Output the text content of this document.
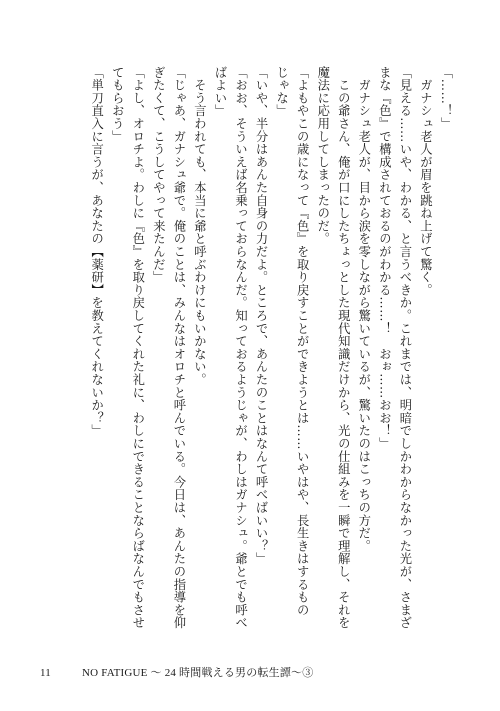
「……！」
　ガナシュ老人が眉を跳ね上げて驚く。
「見える……いや、わかる、と言うべきか。これまでは、明暗でしかわからなかった光が、さまざ
まな『色』で構成されておるのがわかる……！　おぉ……おお！」
　ガナシュ老人が、目から涙を零しながら驚いているが、驚いたのはこっちの方だ。
　この爺さん、俺が口にしたちょっとした現代知識だけから、光の仕組みを一瞬で理解し、それを
魔法に応用してしまったのだ。
「よもやこの歳になって『色』を取り戻すことができようとは……いやはや、長生きはするもの
じゃな」
「いや、半分はあんた自身の力だよ。ところで、あんたのことはなんて呼べばいい？」
「おお、そういえば名乗っておらなんだ。知っておるようじゃが、わしはガナシュ。爺とでも呼べ
ばよい」
　そう言われても、本当に爺と呼ぶわけにもいかない。
「じゃあ、ガナシュ爺で。俺のことは、みんなはオロチと呼んでいる。今日は、あんたの指導を仰
ぎたくて、こうしてやって来たんだ」
「よし、オロチよ。わしに『色』を取り戻してくれた礼に、わしにできることならばなんでもさせ
てもらおう」
「単刀直入に言うが、あなたの【薬研】を教えてくれないか？」
11	NO FATIGUE ～ 24 時間戦える男の転生譚～③
